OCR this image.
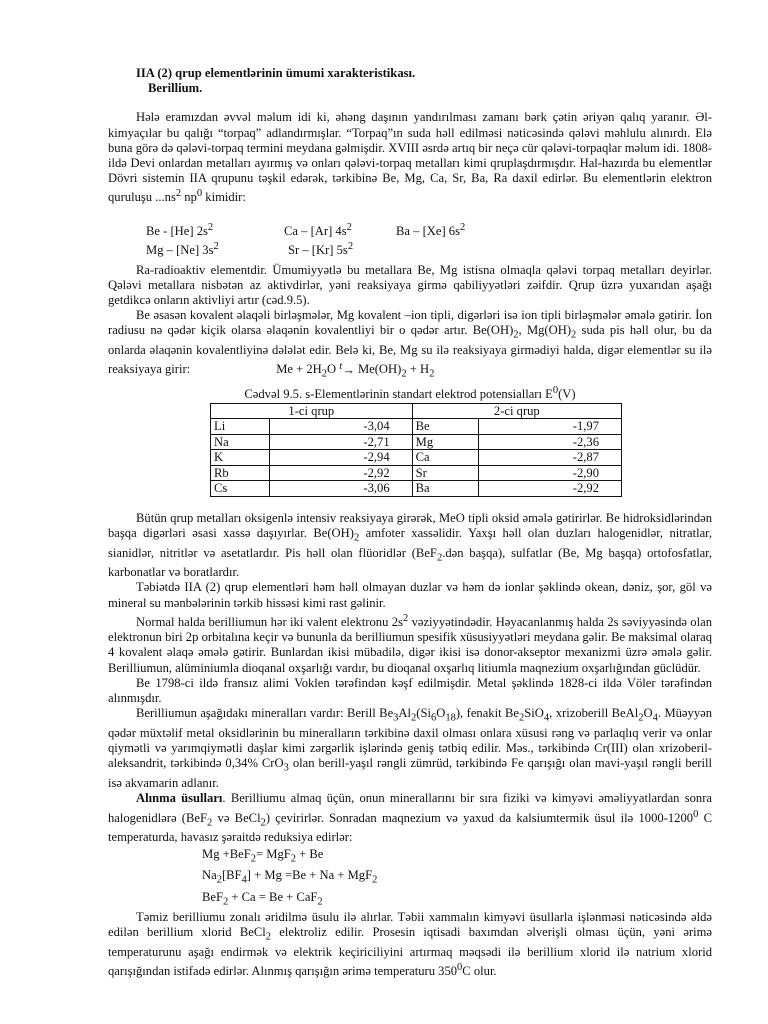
IIA (2) qrup elementlərinin ümumi xarakteristikası.

Berillium.

Hələ eramızdan əvvəl məlum idi ki, əhəng daşının yandırılması zamanı bərk çətin əriyən qalıq yaranır. Əl-kimyaçılar bu qalığı “torpaq” adlandırmışlar. “Torpaq”ın suda həll edilməsi nəticəsində qələvi məhlulu alınırdı. Elə buna görə də qələvi-torpaq termini meydana gəlmişdir. XVIII əsrdə artıq bir neçə cür qələvi-torpaqlar məlum idi. 1808-ildə Devi onlardan metalları ayırmış və onları qələvi-torpaq metalları kimi qruplaşdırmışdır. Hal-hazırda bu elementlər Dövri sistemin IIA qrupunu təşkil edərək, tərkibinə Be, Mg, Ca, Sr, Ba, Ra daxil edirlər. Bu elementlərin elektron quruluşu $...ns^2$ $np^0$ kimidir:

Be - [He] $2s^2$	Ca – [Ar] $4s^2$	Ba – [Xe] $6s^2$
Mg – [Ne] $3s^2$	Sr – [Kr] $5s^2$

Ra-radioaktiv elementdir. Ümumiyyətlə bu metallara Be, Mg istisna olmaqla qələvi torpaq metalları deyirlər. Qələvi metallara nisbətən az aktivdirlər, yəni reaksiyaya girmə qabiliyyətləri zəifdir. Qrup üzrə yuxarıdan aşağı getdikcə onların aktivliyi artır (cəd.9.5).

Be əsasən kovalent əlaqəli birləşmələr, Mg kovalent –ion tipli, digərləri isə ion tipli birləşmələr əmələ gətirir. İon radiusu nə qədər kiçik olarsa əlaqənin kovalentliyi bir o qədər artır. $Be(OH)_2$, $Mg(OH)_2$ suda pis həll olur, bu da onlarda əlaqənin kovalentliyinə dələlət edir. Belə ki, Be, Mg su ilə reaksiyaya girmədiyi halda, digər elementlər su ilə reaksiyaya girir:	$Me + 2H_2O$ $^t\to Me(OH)_2 + H_2$

Cədvəl 9.5. s-Elementlərinin standart elektrod potensialları $E^0(V)$

1-ci qrup		2-ci qrup	
Li	-3,04	Be	-1,97
Na	-2,71	Mg	-2,36
K	-2,94	Ca	-2,87
Rb	-2,92	Sr	-2,90
Cs	-3,06	Ba	-2,92

Bütün qrup metalları oksigenlə intensiv reaksiyaya girərək, MeO tipli oksid əmələ gətirirlər. Be hidroksidlərindən başqa digərləri əsasi xassə daşıyırlar. $Be(OH)_2$ amfoter xassəlidir. Yaxşı həll olan duzları halogenidlər, nitratlar, sianidlər, nitritlər və asetatlardır. Pis həll olan flüoridlər (BeF$_2$.dən başqa), sulfatlar (Be, Mg başqa) ortofosfatlar, karbonatlar və boratlardır.

Təbiətdə IIA (2) qrup elementləri həm həll olmayan duzlar və həm də ionlar şəklində okean, dəniz, şor, göl və mineral su mənbələrinin tərkib hissəsi kimi rast gəlinir.

Normal halda berilliumun hər iki valent elektronu $2s^2$ vəziyyətindədir. Həyacanlanmış halda 2s səviyyəsində olan elektronun biri 2p orbitalına keçir və bununla da berilliumun spesifik xüsusiyyətləri meydana gəlir. Be maksimal olaraq 4 kovalent əlaqə əmələ gətirir. Bunlardan ikisi mübadilə, digər ikisi isə donor-akseptor mexanizmi üzrə əmələ gəlir. Berilliumun, alüminiumla dioqanal oxşarlığı vardır, bu dioqanal oxşarlıq litiumla maqnezium oxşarlığından güclüdür.

Be 1798-ci ildə fransız alimi Voklen tərəfindən kəşf edilmişdir. Metal şəklində 1828-ci ildə Völer tərəfindən alınmışdır.

Berilliumun aşağıdakı mineralları vardır: Berill $Be_3Al_2(Si_6O_{18})$, fenakit $Be_2SiO_4$, xrizoberill $BeAl_2O_4$. Müəyyən qədər müxtəlif metal oksidlərinin bu mineralların tərkibinə daxil olması onlara xüsusi rəng və parlaqlıq verir və onlar qiymətli və yarımqiymətli daşlar kimi zərgərlik işlərində geniş tətbiq edilir. Məs., tərkibində Cr(III) olan xrizoberil-aleksandrit, tərkibində 0,34% CrO$_3$ olan berill-yaşıl rəngli zümrüd, tərkibində Fe qarışığı olan mavi-yaşıl rəngli berill isə akvamarin adlanır.

Alınma üsulları. Berilliumu almaq üçün, onun minerallarını bir sıra fiziki və kimyəvi əməliyyatlardan sonra halogenidlərə (BeF$_2$ və BeCl$_2$) çevirirlər. Sonradan maqnezium və yaxud da kalsiumtermik üsul ilə 1000-1200$^0$ C temperaturda, havasız şəraitdə reduksiya edirlər:

Mg +BeF$_2$= MgF$_2$ + Be
$Na_2[BF_4] + Mg =Be + Na + MgF_2$
BeF$_2$ + Ca = Be + CaF$_2$

Təmiz berilliumu zonalı əridilmə üsulu ilə alırlar. Təbii xammalın kimyəvi üsullarla işlənməsi nəticəsində əldə edilən berillium xlorid BeCl$_2$ elektroliz edilir. Prosesin iqtisadi baxımdan əlverişli olması üçün, yəni ərimə temperaturunu aşağı endirmək və elektrik keçiriciliyini artırmaq məqsədi ilə berillium xlorid ilə natrium xlorid qarışığından istifadə edirlər. Alınmış qarışığın ərimə temperaturu $350^0C$ olur.
